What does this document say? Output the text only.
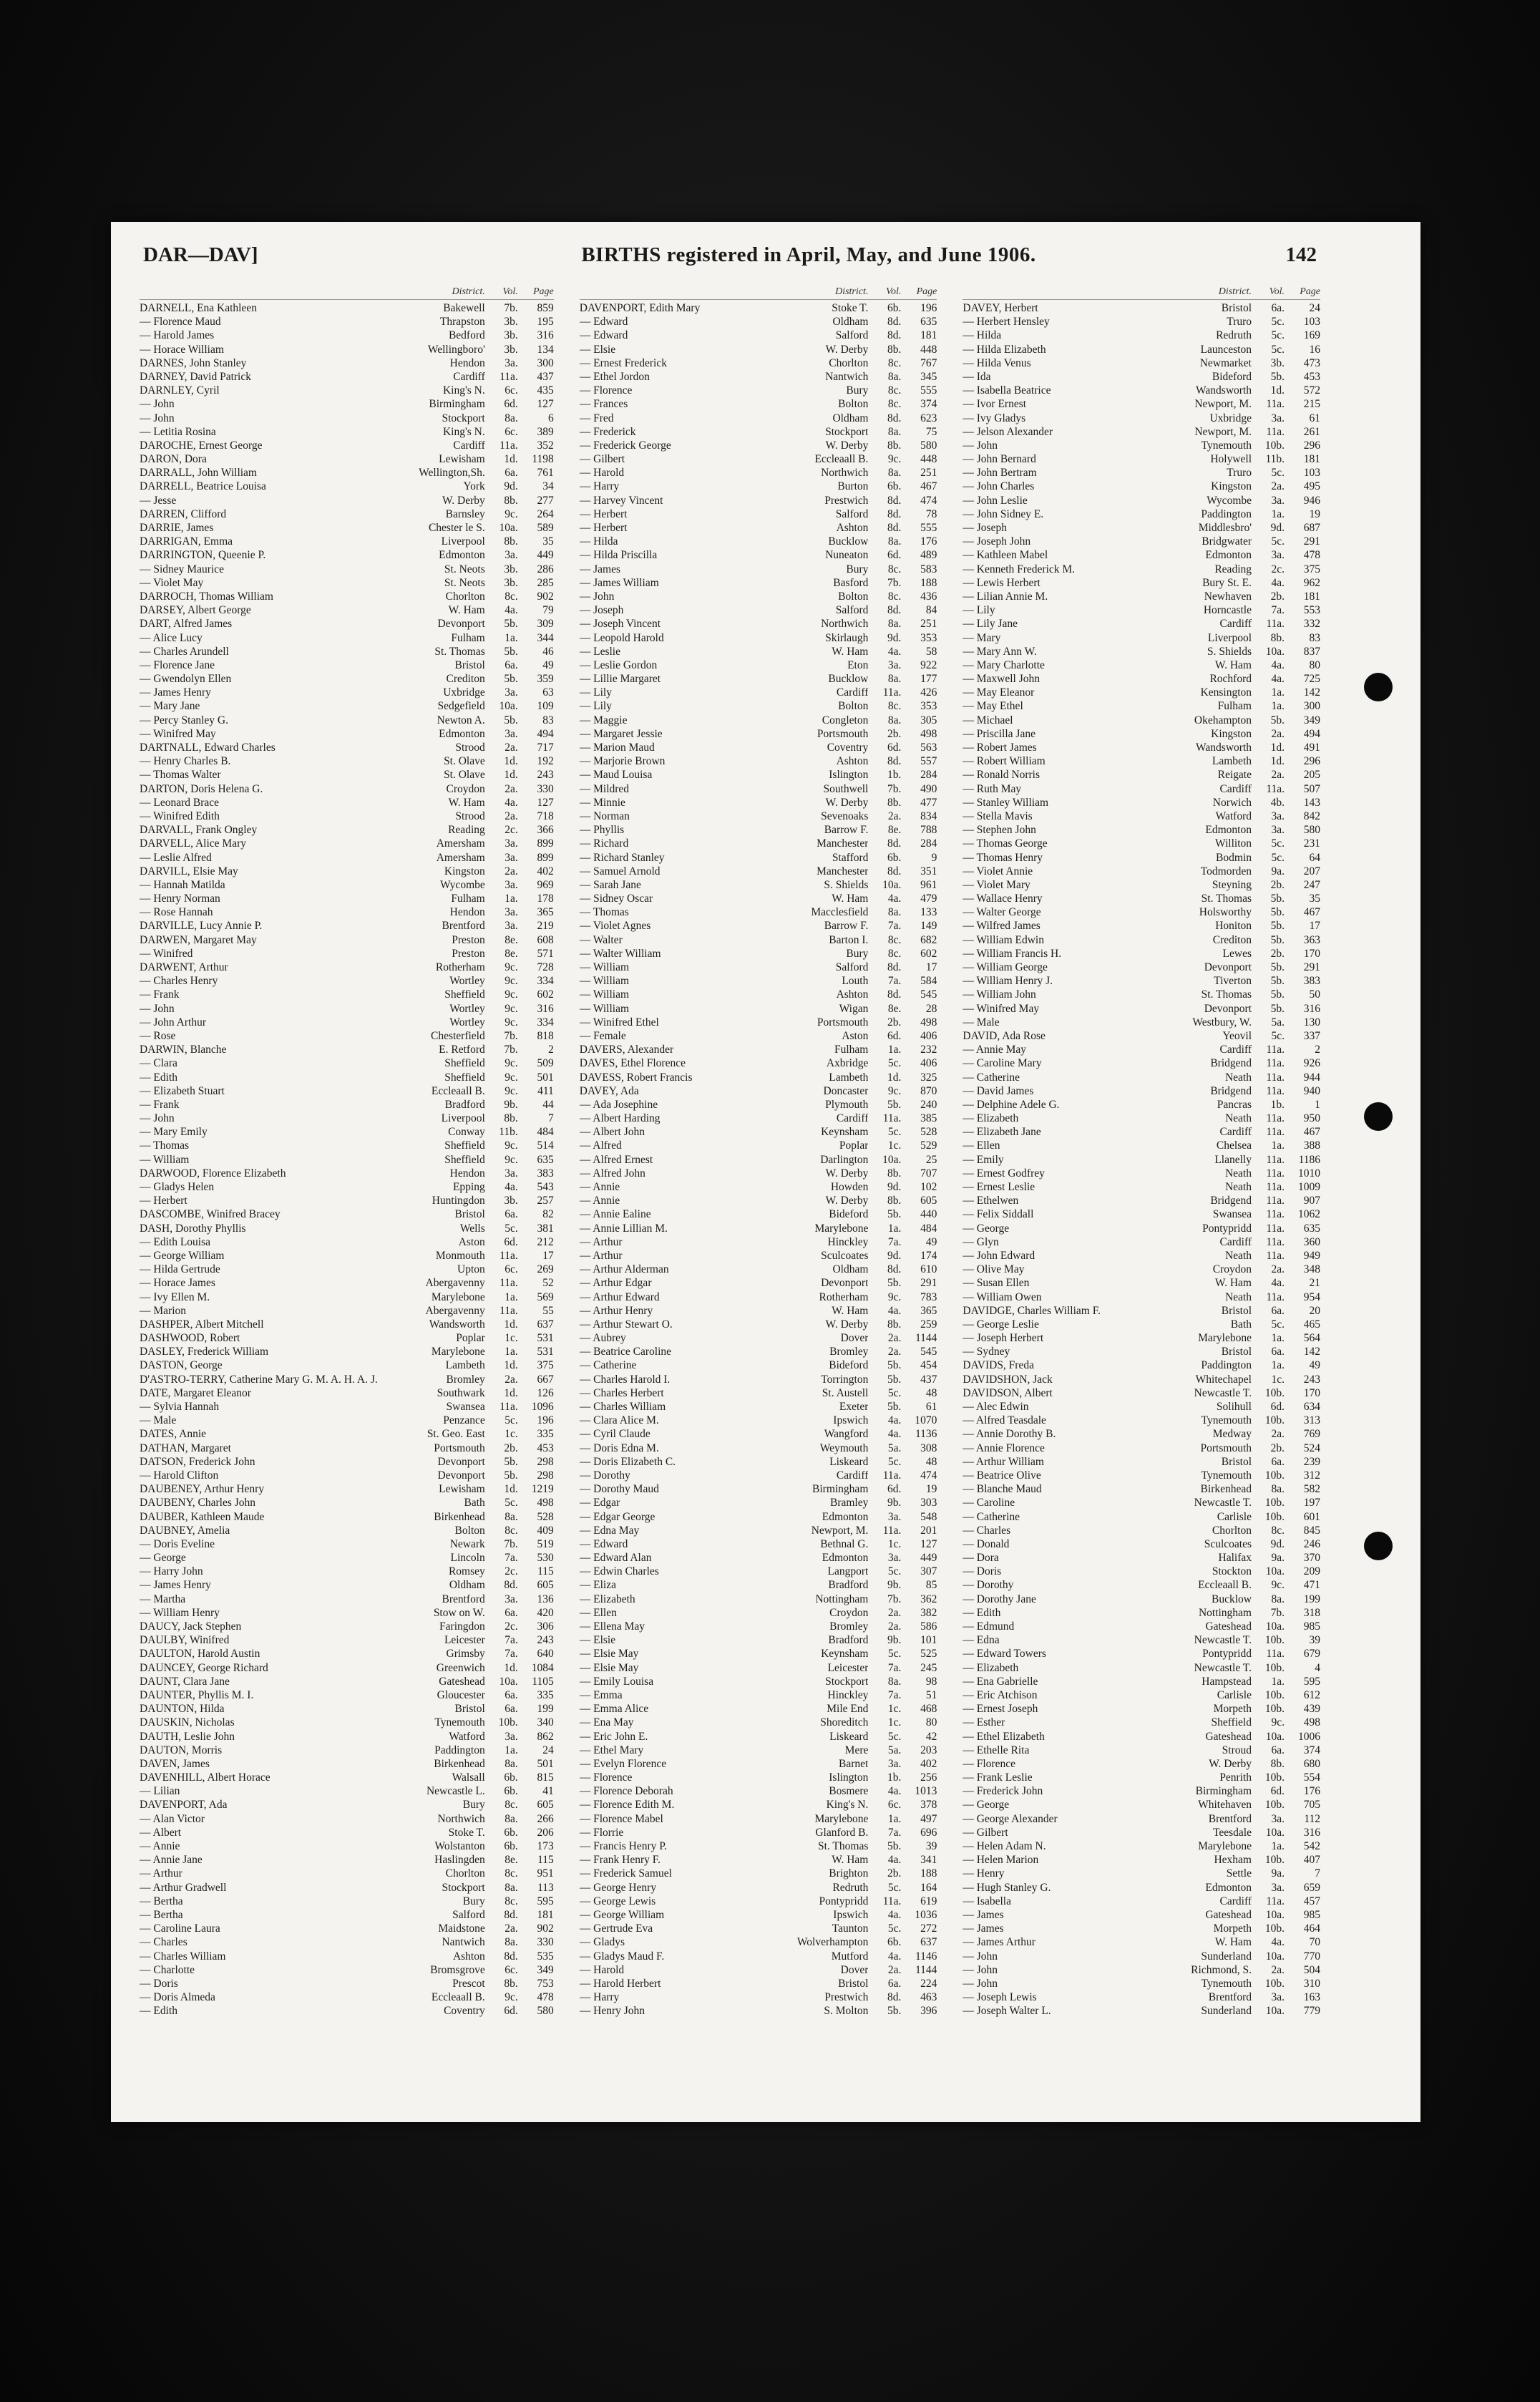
DAR—DAV]	BIRTHS registered in April, May, and June 1906.	142
District.	Vol.	Page
DARNELL, Ena Kathleen	Bakewell	7b.	859
— Florence Maud	Thrapston	3b.	195
— Harold James	Bedford	3b.	316
— Horace William	Wellingboro'	3b.	134
DARNES, John Stanley	Hendon	3a.	300
DARNEY, David Patrick	Cardiff	11a.	437
DARNLEY, Cyril	King's N.	6c.	435
— John	Birmingham	6d.	127
— John	Stockport	8a.	6
— Letitia Rosina	King's N.	6c.	389
DAROCHE, Ernest George	Cardiff	11a.	352
DARON, Dora	Lewisham	1d.	1198
DARRALL, John William	Wellington,Sh.	6a.	761
DARRELL, Beatrice Louisa	York	9d.	34
— Jesse	W. Derby	8b.	277
DARREN, Clifford	Barnsley	9c.	264
DARRIE, James	Chester le S.	10a.	589
DARRIGAN, Emma	Liverpool	8b.	35
DARRINGTON, Queenie P.	Edmonton	3a.	449
— Sidney Maurice	St. Neots	3b.	286
— Violet May	St. Neots	3b.	285
DARROCH, Thomas William	Chorlton	8c.	902
DARSEY, Albert George	W. Ham	4a.	79
DART, Alfred James	Devonport	5b.	309
— Alice Lucy	Fulham	1a.	344
— Charles Arundell	St. Thomas	5b.	46
— Florence Jane	Bristol	6a.	49
— Gwendolyn Ellen	Crediton	5b.	359
— James Henry	Uxbridge	3a.	63
— Mary Jane	Sedgefield	10a.	109
— Percy Stanley G.	Newton A.	5b.	83
— Winifred May	Edmonton	3a.	494
DARTNALL, Edward Charles	Strood	2a.	717
— Henry Charles B.	St. Olave	1d.	192
— Thomas Walter	St. Olave	1d.	243
DARTON, Doris Helena G.	Croydon	2a.	330
— Leonard Brace	W. Ham	4a.	127
— Winifred Edith	Strood	2a.	718
DARVALL, Frank Ongley	Reading	2c.	366
DARVELL, Alice Mary	Amersham	3a.	899
— Leslie Alfred	Amersham	3a.	899
DARVILL, Elsie May	Kingston	2a.	402
— Hannah Matilda	Wycombe	3a.	969
— Henry Norman	Fulham	1a.	178
— Rose Hannah	Hendon	3a.	365
DARVILLE, Lucy Annie P.	Brentford	3a.	219
DARWEN, Margaret May	Preston	8e.	608
— Winifred	Preston	8e.	571
DARWENT, Arthur	Rotherham	9c.	728
— Charles Henry	Wortley	9c.	334
— Frank	Sheffield	9c.	602
— John	Wortley	9c.	316
— John Arthur	Wortley	9c.	334
— Rose	Chesterfield	7b.	818
DARWIN, Blanche	E. Retford	7b.	2
— Clara	Sheffield	9c.	509
— Edith	Sheffield	9c.	501
— Elizabeth Stuart	Eccleaall B.	9c.	411
— Frank	Bradford	9b.	44
— John	Liverpool	8b.	7
— Mary Emily	Conway	11b.	484
— Thomas	Sheffield	9c.	514
— William	Sheffield	9c.	635
DARWOOD, Florence Elizabeth	Hendon	3a.	383
— Gladys Helen	Epping	4a.	543
— Herbert	Huntingdon	3b.	257
DASCOMBE, Winifred Bracey	Bristol	6a.	82
DASH, Dorothy Phyllis	Wells	5c.	381
— Edith Louisa	Aston	6d.	212
— George William	Monmouth	11a.	17
— Hilda Gertrude	Upton	6c.	269
— Horace James	Abergavenny	11a.	52
— Ivy Ellen M.	Marylebone	1a.	569
— Marion	Abergavenny	11a.	55
DASHPER, Albert Mitchell	Wandsworth	1d.	637
DASHWOOD, Robert	Poplar	1c.	531
DASLEY, Frederick William	Marylebone	1a.	531
DASTON, George	Lambeth	1d.	375
D'ASTRO-TERRY, Catherine Mary G. M. A. H. A. J.	Bromley	2a.	667
DATE, Margaret Eleanor	Southwark	1d.	126
— Sylvia Hannah	Swansea	11a.	1096
— Male	Penzance	5c.	196
DATES, Annie	St. Geo. East	1c.	335
DATHAN, Margaret	Portsmouth	2b.	453
DATSON, Frederick John	Devonport	5b.	298
— Harold Clifton	Devonport	5b.	298
DAUBENEY, Arthur Henry	Lewisham	1d.	1219
DAUBENY, Charles John	Bath	5c.	498
DAUBER, Kathleen Maude	Birkenhead	8a.	528
DAUBNEY, Amelia	Bolton	8c.	409
— Doris Eveline	Newark	7b.	519
— George	Lincoln	7a.	530
— Harry John	Romsey	2c.	115
— James Henry	Oldham	8d.	605
— Martha	Brentford	3a.	136
— William Henry	Stow on W.	6a.	420
DAUCY, Jack Stephen	Faringdon	2c.	306
DAULBY, Winifred	Leicester	7a.	243
DAULTON, Harold Austin	Grimsby	7a.	640
DAUNCEY, George Richard	Greenwich	1d.	1084
DAUNT, Clara Jane	Gateshead	10a.	1105
DAUNTER, Phyllis M. I.	Gloucester	6a.	335
DAUNTON, Hilda	Bristol	6a.	199
DAUSKIN, Nicholas	Tynemouth	10b.	340
DAUTH, Leslie John	Watford	3a.	862
DAUTON, Morris	Paddington	1a.	24
DAVEN, James	Birkenhead	8a.	501
DAVENHILL, Albert Horace	Walsall	6b.	815
— Lilian	Newcastle L.	6b.	41
DAVENPORT, Ada	Bury	8c.	605
— Alan Victor	Northwich	8a.	266
— Albert	Stoke T.	6b.	206
— Annie	Wolstanton	6b.	173
— Annie Jane	Haslingden	8e.	115
— Arthur	Chorlton	8c.	951
— Arthur Gradwell	Stockport	8a.	113
— Bertha	Bury	8c.	595
— Bertha	Salford	8d.	181
— Caroline Laura	Maidstone	2a.	902
— Charles	Nantwich	8a.	330
— Charles William	Ashton	8d.	535
— Charlotte	Bromsgrove	6c.	349
— Doris	Prescot	8b.	753
— Doris Almeda	Eccleaall B.	9c.	478
— Edith	Coventry	6d.	580
District.	Vol.	Page
DAVENPORT, Edith Mary	Stoke T.	6b.	196
— Edward	Oldham	8d.	635
— Edward	Salford	8d.	181
— Elsie	W. Derby	8b.	448
— Ernest Frederick	Chorlton	8c.	767
— Ethel Jordon	Nantwich	8a.	345
— Florence	Bury	8c.	555
— Frances	Bolton	8c.	374
— Fred	Oldham	8d.	623
— Frederick	Stockport	8a.	75
— Frederick George	W. Derby	8b.	580
— Gilbert	Eccleaall B.	9c.	448
— Harold	Northwich	8a.	251
— Harry	Burton	6b.	467
— Harvey Vincent	Prestwich	8d.	474
— Herbert	Salford	8d.	78
— Herbert	Ashton	8d.	555
— Hilda	Bucklow	8a.	176
— Hilda Priscilla	Nuneaton	6d.	489
— James	Bury	8c.	583
— James William	Basford	7b.	188
— John	Bolton	8c.	436
— Joseph	Salford	8d.	84
— Joseph Vincent	Northwich	8a.	251
— Leopold Harold	Skirlaugh	9d.	353
— Leslie	W. Ham	4a.	58
— Leslie Gordon	Eton	3a.	922
— Lillie Margaret	Bucklow	8a.	177
— Lily	Cardiff	11a.	426
— Lily	Bolton	8c.	353
— Maggie	Congleton	8a.	305
— Margaret Jessie	Portsmouth	2b.	498
— Marion Maud	Coventry	6d.	563
— Marjorie Brown	Ashton	8d.	557
— Maud Louisa	Islington	1b.	284
— Mildred	Southwell	7b.	490
— Minnie	W. Derby	8b.	477
— Norman	Sevenoaks	2a.	834
— Phyllis	Barrow F.	8e.	788
— Richard	Manchester	8d.	284
— Richard Stanley	Stafford	6b.	9
— Samuel Arnold	Manchester	8d.	351
— Sarah Jane	S. Shields	10a.	961
— Sidney Oscar	W. Ham	4a.	479
— Thomas	Macclesfield	8a.	133
— Violet Agnes	Barrow F.	7a.	149
— Walter	Barton I.	8c.	682
— Walter William	Bury	8c.	602
— William	Salford	8d.	17
— William	Louth	7a.	584
— William	Ashton	8d.	545
— William	Wigan	8e.	28
— Winifred Ethel	Portsmouth	2b.	498
— Female	Aston	6d.	406
DAVERS, Alexander	Fulham	1a.	232
DAVES, Ethel Florence	Axbridge	5c.	406
DAVESS, Robert Francis	Lambeth	1d.	325
DAVEY, Ada	Doncaster	9c.	870
— Ada Josephine	Plymouth	5b.	240
— Albert Harding	Cardiff	11a.	385
— Albert John	Keynsham	5c.	528
— Alfred	Poplar	1c.	529
— Alfred Ernest	Darlington	10a.	25
— Alfred John	W. Derby	8b.	707
— Annie	Howden	9d.	102
— Annie	W. Derby	8b.	605
— Annie Ealine	Bideford	5b.	440
— Annie Lillian M.	Marylebone	1a.	484
— Arthur	Hinckley	7a.	49
— Arthur	Sculcoates	9d.	174
— Arthur Alderman	Oldham	8d.	610
— Arthur Edgar	Devonport	5b.	291
— Arthur Edward	Rotherham	9c.	783
— Arthur Henry	W. Ham	4a.	365
— Arthur Stewart O.	W. Derby	8b.	259
— Aubrey	Dover	2a.	1144
— Beatrice Caroline	Bromley	2a.	545
— Catherine	Bideford	5b.	454
— Charles Harold I.	Torrington	5b.	437
— Charles Herbert	St. Austell	5c.	48
— Charles William	Exeter	5b.	61
— Clara Alice M.	Ipswich	4a.	1070
— Cyril Claude	Wangford	4a.	1136
— Doris Edna M.	Weymouth	5a.	308
— Doris Elizabeth C.	Liskeard	5c.	48
— Dorothy	Cardiff	11a.	474
— Dorothy Maud	Birmingham	6d.	19
— Edgar	Bramley	9b.	303
— Edgar George	Edmonton	3a.	548
— Edna May	Newport, M.	11a.	201
— Edward	Bethnal G.	1c.	127
— Edward Alan	Edmonton	3a.	449
— Edwin Charles	Langport	5c.	307
— Eliza	Bradford	9b.	85
— Elizabeth	Nottingham	7b.	362
— Ellen	Croydon	2a.	382
— Ellena May	Bromley	2a.	586
— Elsie	Bradford	9b.	101
— Elsie May	Keynsham	5c.	525
— Elsie May	Leicester	7a.	245
— Emily Louisa	Stockport	8a.	98
— Emma	Hinckley	7a.	51
— Emma Alice	Mile End	1c.	468
— Ena May	Shoreditch	1c.	80
— Eric John E.	Liskeard	5c.	42
— Ethel Mary	Mere	5a.	203
— Evelyn Florence	Barnet	3a.	402
— Florence	Islington	1b.	256
— Florence Deborah	Bosmere	4a.	1013
— Florence Edith M.	King's N.	6c.	378
— Florence Mabel	Marylebone	1a.	497
— Florrie	Glanford B.	7a.	696
— Francis Henry P.	St. Thomas	5b.	39
— Frank Henry F.	W. Ham	4a.	341
— Frederick Samuel	Brighton	2b.	188
— George Henry	Redruth	5c.	164
— George Lewis	Pontypridd	11a.	619
— George William	Ipswich	4a.	1036
— Gertrude Eva	Taunton	5c.	272
— Gladys	Wolverhampton	6b.	637
— Gladys Maud F.	Mutford	4a.	1146
— Harold	Dover	2a.	1144
— Harold Herbert	Bristol	6a.	224
— Harry	Prestwich	8d.	463
— Henry John	S. Molton	5b.	396
District.	Vol.	Page
DAVEY, Herbert	Bristol	6a.	24
— Herbert Hensley	Truro	5c.	103
— Hilda	Redruth	5c.	169
— Hilda Elizabeth	Launceston	5c.	16
— Hilda Venus	Newmarket	3b.	473
— Ida	Bideford	5b.	453
— Isabella Beatrice	Wandsworth	1d.	572
— Ivor Ernest	Newport, M.	11a.	215
— Ivy Gladys	Uxbridge	3a.	61
— Jelson Alexander	Newport, M.	11a.	261
— John	Tynemouth	10b.	296
— John Bernard	Holywell	11b.	181
— John Bertram	Truro	5c.	103
— John Charles	Kingston	2a.	495
— John Leslie	Wycombe	3a.	946
— John Sidney E.	Paddington	1a.	19
— Joseph	Middlesbro'	9d.	687
— Joseph John	Bridgwater	5c.	291
— Kathleen Mabel	Edmonton	3a.	478
— Kenneth Frederick M.	Reading	2c.	375
— Lewis Herbert	Bury St. E.	4a.	962
— Lilian Annie M.	Newhaven	2b.	181
— Lily	Horncastle	7a.	553
— Lily Jane	Cardiff	11a.	332
— Mary	Liverpool	8b.	83
— Mary Ann W.	S. Shields	10a.	837
— Mary Charlotte	W. Ham	4a.	80
— Maxwell John	Rochford	4a.	725
— May Eleanor	Kensington	1a.	142
— May Ethel	Fulham	1a.	300
— Michael	Okehampton	5b.	349
— Priscilla Jane	Kingston	2a.	494
— Robert James	Wandsworth	1d.	491
— Robert William	Lambeth	1d.	296
— Ronald Norris	Reigate	2a.	205
— Ruth May	Cardiff	11a.	507
— Stanley William	Norwich	4b.	143
— Stella Mavis	Watford	3a.	842
— Stephen John	Edmonton	3a.	580
— Thomas George	Williton	5c.	231
— Thomas Henry	Bodmin	5c.	64
— Violet Annie	Todmorden	9a.	207
— Violet Mary	Steyning	2b.	247
— Wallace Henry	St. Thomas	5b.	35
— Walter George	Holsworthy	5b.	467
— Wilfred James	Honiton	5b.	17
— William Edwin	Crediton	5b.	363
— William Francis H.	Lewes	2b.	170
— William George	Devonport	5b.	291
— William Henry J.	Tiverton	5b.	383
— William John	St. Thomas	5b.	50
— Winifred May	Devonport	5b.	316
— Male	Westbury, W.	5a.	130
DAVID, Ada Rose	Yeovil	5c.	337
— Annie May	Cardiff	11a.	2
— Caroline Mary	Bridgend	11a.	926
— Catherine	Neath	11a.	944
— David James	Bridgend	11a.	940
— Delphine Adele G.	Pancras	1b.	1
— Elizabeth	Neath	11a.	950
— Elizabeth Jane	Cardiff	11a.	467
— Ellen	Chelsea	1a.	388
— Emily	Llanelly	11a.	1186
— Ernest Godfrey	Neath	11a.	1010
— Ernest Leslie	Neath	11a.	1009
— Ethelwen	Bridgend	11a.	907
— Felix Siddall	Swansea	11a.	1062
— George	Pontypridd	11a.	635
— Glyn	Cardiff	11a.	360
— John Edward	Neath	11a.	949
— Olive May	Croydon	2a.	348
— Susan Ellen	W. Ham	4a.	21
— William Owen	Neath	11a.	954
DAVIDGE, Charles William F.	Bristol	6a.	20
— George Leslie	Bath	5c.	465
— Joseph Herbert	Marylebone	1a.	564
— Sydney	Bristol	6a.	142
DAVIDS, Freda	Paddington	1a.	49
DAVIDSHON, Jack	Whitechapel	1c.	243
DAVIDSON, Albert	Newcastle T.	10b.	170
— Alec Edwin	Solihull	6d.	634
— Alfred Teasdale	Tynemouth	10b.	313
— Annie Dorothy B.	Medway	2a.	769
— Annie Florence	Portsmouth	2b.	524
— Arthur William	Bristol	6a.	239
— Beatrice Olive	Tynemouth	10b.	312
— Blanche Maud	Birkenhead	8a.	582
— Caroline	Newcastle T.	10b.	197
— Catherine	Carlisle	10b.	601
— Charles	Chorlton	8c.	845
— Donald	Sculcoates	9d.	246
— Dora	Halifax	9a.	370
— Doris	Stockton	10a.	209
— Dorothy	Eccleaall B.	9c.	471
— Dorothy Jane	Bucklow	8a.	199
— Edith	Nottingham	7b.	318
— Edmund	Gateshead	10a.	985
— Edna	Newcastle T.	10b.	39
— Edward Towers	Pontypridd	11a.	679
— Elizabeth	Newcastle T.	10b.	4
— Ena Gabrielle	Hampstead	1a.	595
— Eric Atchison	Carlisle	10b.	612
— Ernest Joseph	Morpeth	10b.	439
— Esther	Sheffield	9c.	498
— Ethel Elizabeth	Gateshead	10a.	1006
— Ethelle Rita	Stroud	6a.	374
— Florence	W. Derby	8b.	680
— Frank Leslie	Penrith	10b.	554
— Frederick John	Birmingham	6d.	176
— George	Whitehaven	10b.	705
— George Alexander	Brentford	3a.	112
— Gilbert	Teesdale	10a.	316
— Helen Adam N.	Marylebone	1a.	542
— Helen Marion	Hexham	10b.	407
— Henry	Settle	9a.	7
— Hugh Stanley G.	Edmonton	3a.	659
— Isabella	Cardiff	11a.	457
— James	Gateshead	10a.	985
— James	Morpeth	10b.	464
— James Arthur	W. Ham	4a.	70
— John	Sunderland	10a.	770
— John	Richmond, S.	2a.	504
— John	Tynemouth	10b.	310
— Joseph Lewis	Brentford	3a.	163
— Joseph Walter L.	Sunderland	10a.	779
